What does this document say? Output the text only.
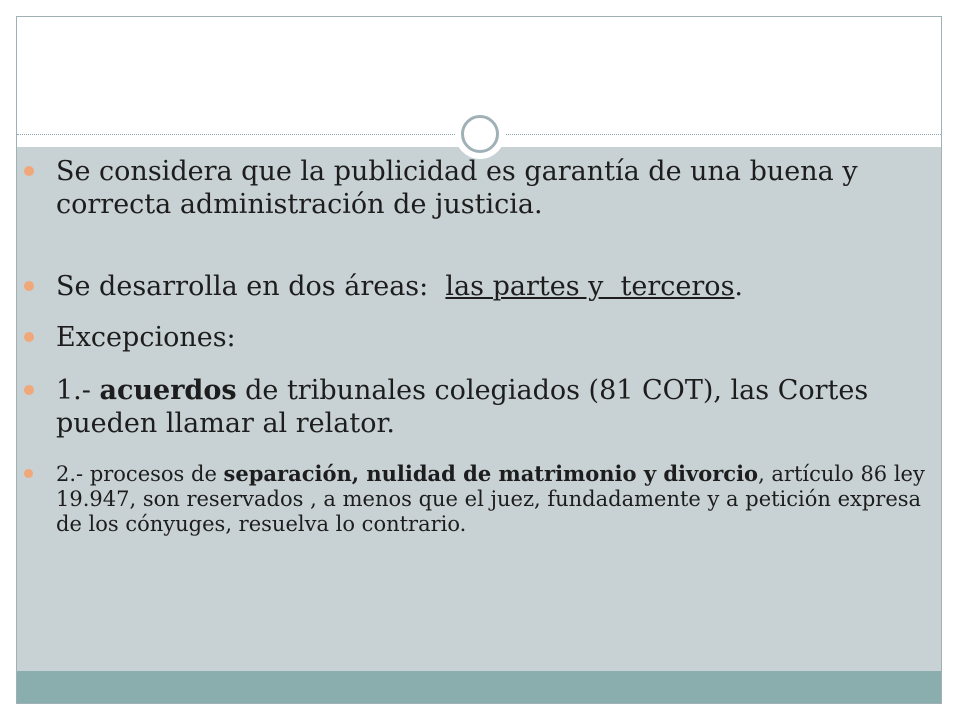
Se considera que la publicidad es garantía de una buena y correcta administración de justicia.
Se desarrolla en dos áreas:  las partes y  terceros.
Excepciones:
1.- acuerdos de tribunales colegiados (81 COT), las Cortes pueden llamar al relator.
2.- procesos de separación, nulidad de matrimonio y divorcio, artículo 86 ley 19.947, son reservados , a menos que el juez, fundadamente y a petición expresa de los cónyuges, resuelva lo contrario.
